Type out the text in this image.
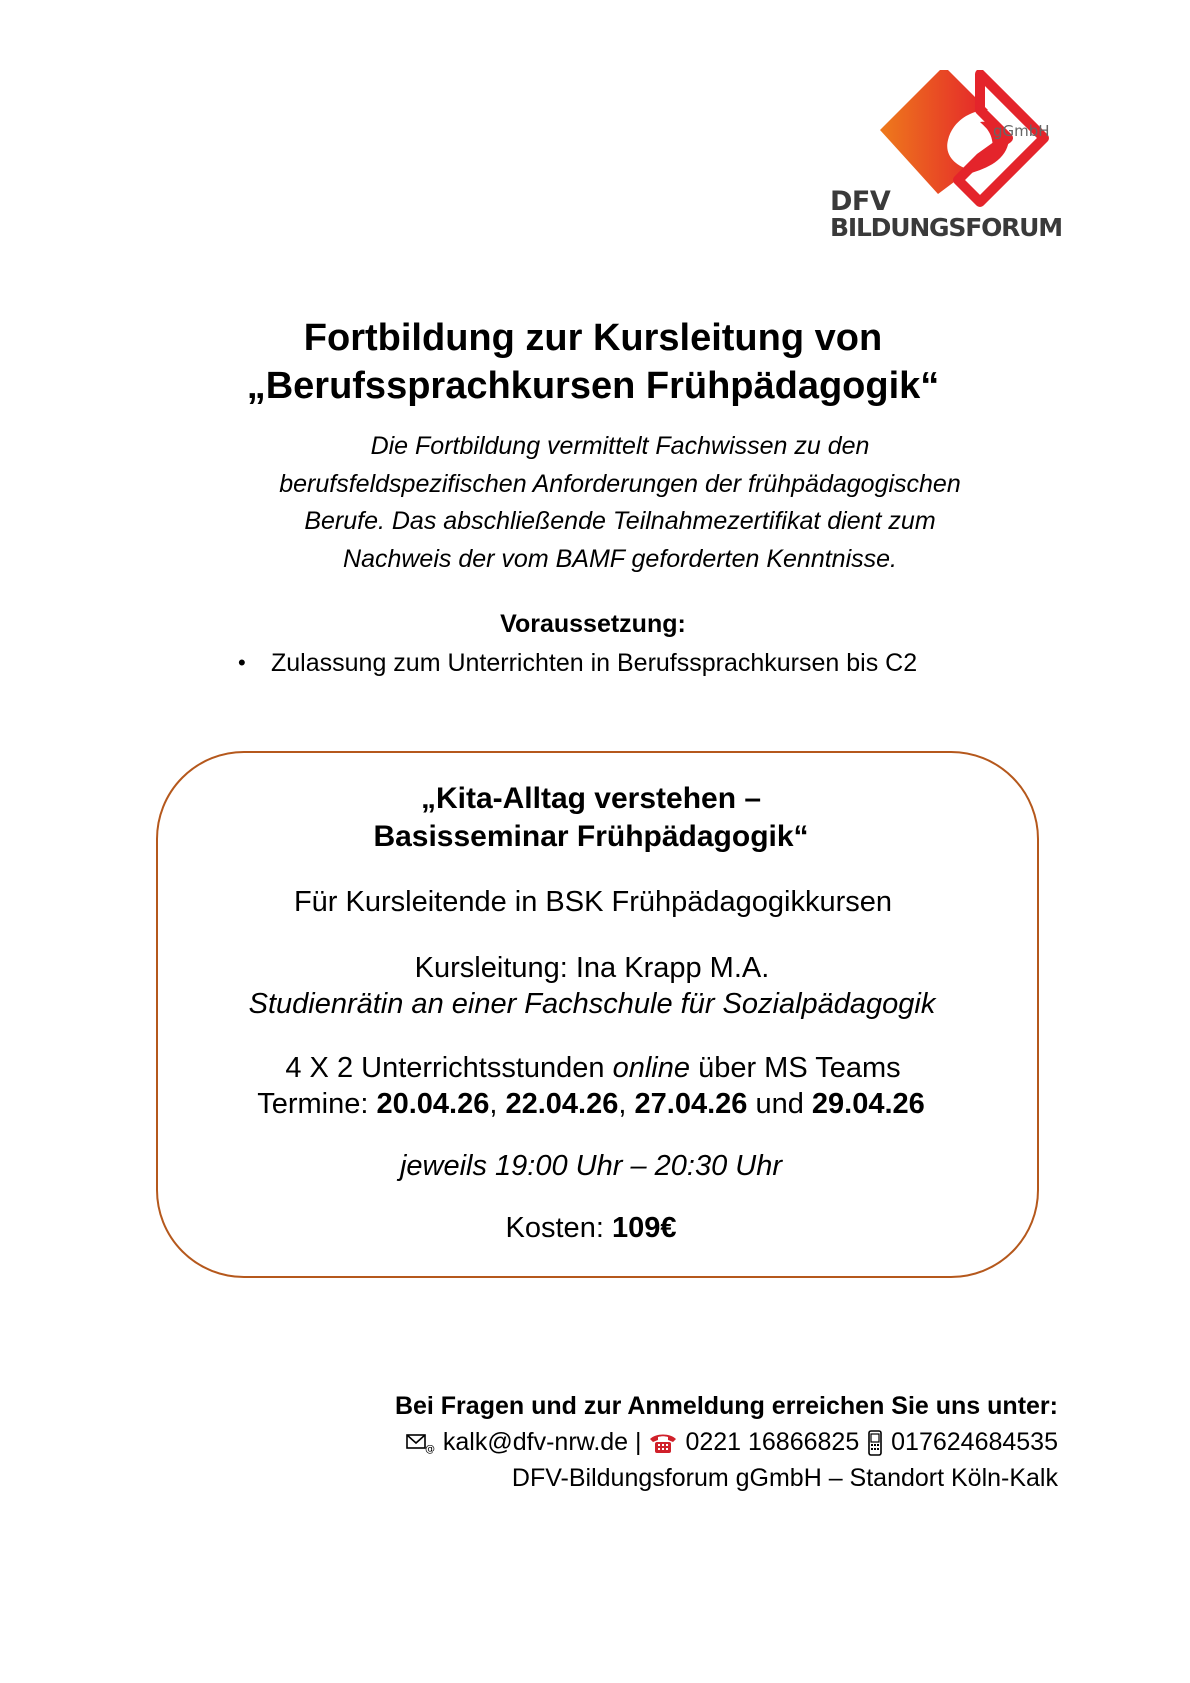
DFV
BILDUNGSFORUM
gGmbH
Fortbildung zur Kursleitung von
„Berufssprachkursen Frühpädagogik“
Die Fortbildung vermittelt Fachwissen zu den
berufsfeldspezifischen Anforderungen der frühpädagogischen
Berufe. Das abschließende Teilnahmezertifikat dient zum
Nachweis der vom BAMF geforderten Kenntnisse.
Voraussetzung:
• Zulassung zum Unterrichten in Berufssprachkursen bis C2
„Kita-Alltag verstehen –
Basisseminar Frühpädagogik“
Für Kursleitende in BSK Frühpädagogikkursen
Kursleitung: Ina Krapp M.A.
Studienrätin an einer Fachschule für Sozialpädagogik
4 X 2 Unterrichtsstunden online über MS Teams
Termine: 20.04.26, 22.04.26, 27.04.26 und 29.04.26
jeweils 19:00 Uhr – 20:30 Uhr
Kosten: 109€
Bei Fragen und zur Anmeldung erreichen Sie uns unter:
@ kalk@dfv-nrw.de | 0221 16866825 017624684535
DFV-Bildungsforum gGmbH – Standort Köln-Kalk
